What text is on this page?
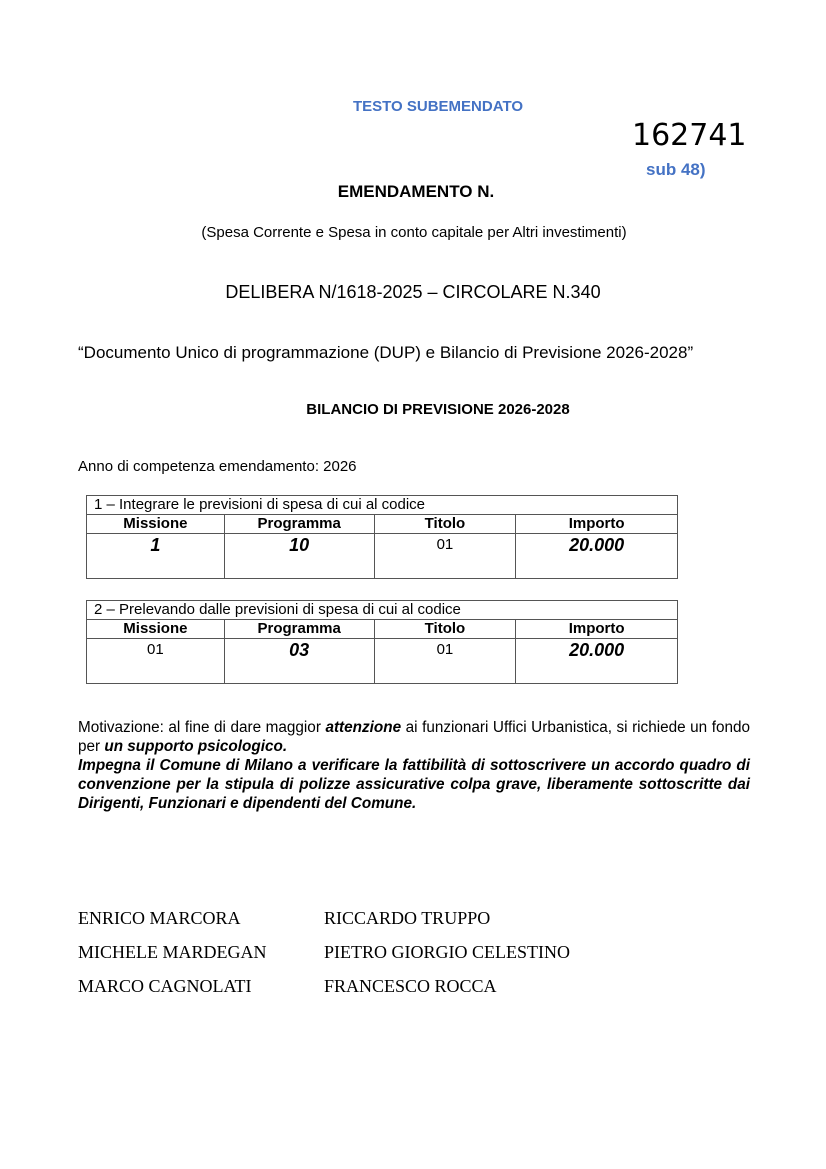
TESTO SUBEMENDATO
162741
sub 48)
EMENDAMENTO N.
(Spesa Corrente e Spesa in conto capitale per Altri investimenti)
DELIBERA N/1618-2025 – CIRCOLARE N.340
“Documento Unico di programmazione (DUP) e Bilancio di Previsione 2026-2028”
BILANCIO DI PREVISIONE 2026-2028
Anno di competenza emendamento: 2026
1 – Integrare le previsioni di spesa di cui al codice			
Missione	Programma	Titolo	Importo
1	10	01	20.000
2 – Prelevando dalle previsioni di spesa di cui al codice			
Missione	Programma	Titolo	Importo
01	03	01	20.000
Motivazione: al fine di dare maggior attenzione ai funzionari Uffici Urbanistica, si richiede un fondo per un supporto psicologico.
Impegna il Comune di Milano a verificare la fattibilità di sottoscrivere un accordo quadro di convenzione per la stipula di polizze assicurative colpa grave, liberamente sottoscritte dai Dirigenti, Funzionari e dipendenti del Comune.
ENRICO MARCORA	RICCARDO TRUPPO
MICHELE MARDEGAN	PIETRO GIORGIO CELESTINO
MARCO CAGNOLATI	FRANCESCO ROCCA
